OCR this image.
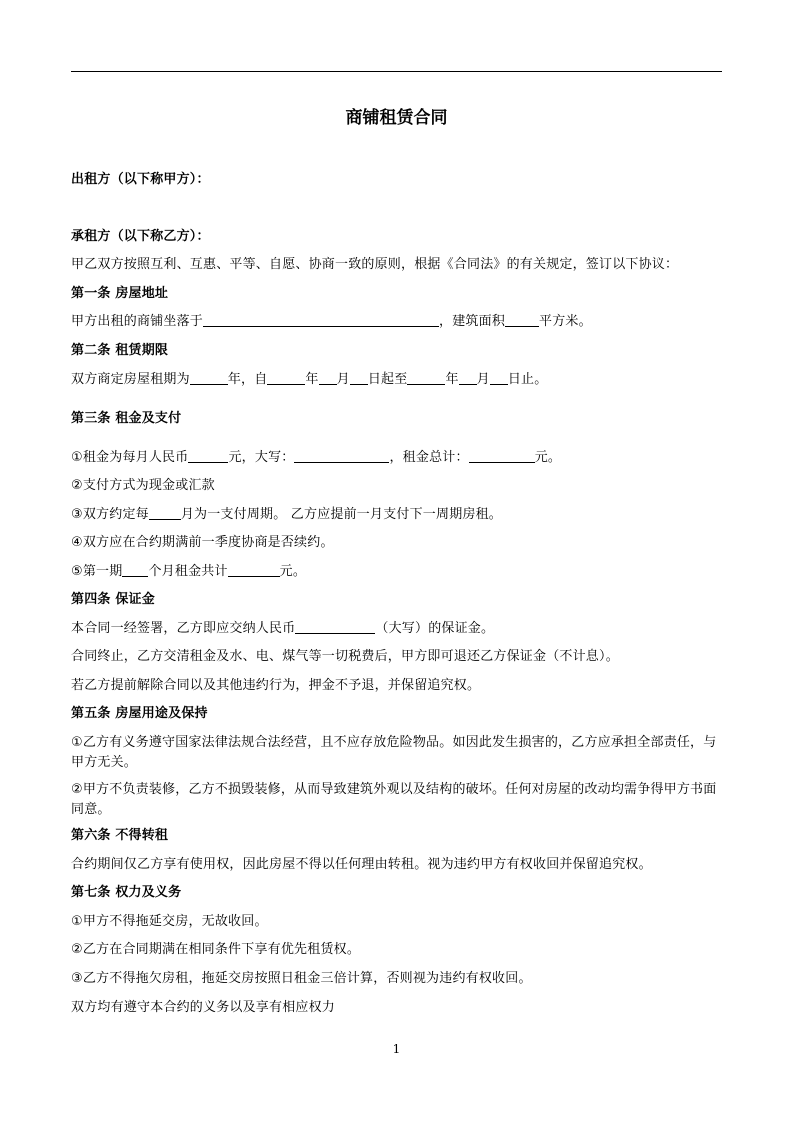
商铺租赁合同
出租方（以下称甲方）：
承租方（以下称乙方）：
甲乙双方按照互利、互惠、平等、自愿、协商一致的原则，根据《合同法》的有关规定，签订以下协议：
第一条 房屋地址
甲方出租的商铺坐落于	，建筑面积	平方米。
第二条 租赁期限
双方商定房屋租期为	年，自	年 月 日起至	年 月 日止。
第三条 租金及支付
①租金为每月人民币	元，大写：	，租金总计：	元。
②支付方式为现金或汇款
③双方约定每 月为一支付周期。 乙方应提前一月支付下一周期房租。
④双方应在合约期满前一季度协商是否续约。
⑤第一期 个月租金共计	元。
第四条 保证金
本合同一经签署，乙方即应交纳人民币	（大写）的保证金。
合同终止，乙方交清租金及水、电、煤气等一切税费后，甲方即可退还乙方保证金（不计息）。
若乙方提前解除合同以及其他违约行为，押金不予退，并保留追究权。
第五条 房屋用途及保持
①乙方有义务遵守国家法律法规合法经营，且不应存放危险物品。如因此发生损害的，乙方应承担全部责任，与甲方无关。
②甲方不负责装修，乙方不损毁装修，从而导致建筑外观以及结构的破坏。任何对房屋的改动均需争得甲方书面同意。
第六条 不得转租
合约期间仅乙方享有使用权，因此房屋不得以任何理由转租。视为违约甲方有权收回并保留追究权。
第七条 权力及义务
①甲方不得拖延交房，无故收回。
②乙方在合同期满在相同条件下享有优先租赁权。
③乙方不得拖欠房租，拖延交房按照日租金三倍计算，否则视为违约有权收回。
双方均有遵守本合约的义务以及享有相应权力
1
